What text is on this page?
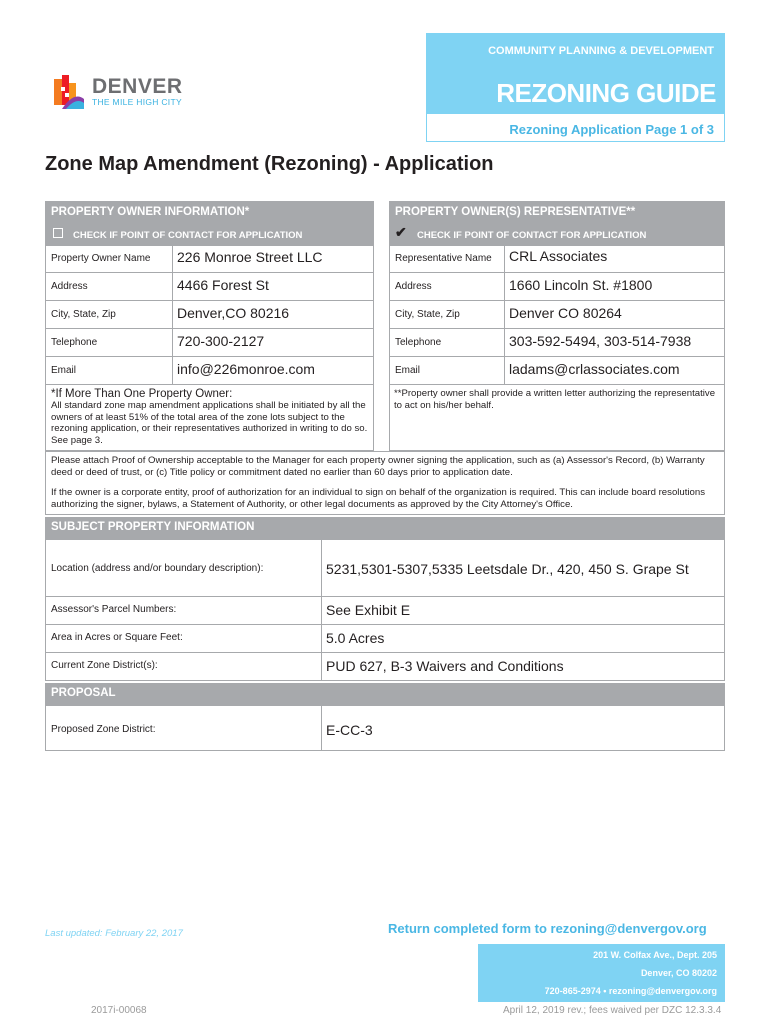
COMMUNITY PLANNING & DEVELOPMENT
REZONING GUIDE
Rezoning Application Page 1 of 3
DENVER
THE MILE HIGH CITY
Zone Map Amendment (Rezoning) - Application
PROPERTY OWNER INFORMATION*
CHECK IF POINT OF CONTACT FOR APPLICATION
PROPERTY OWNER(S) REPRESENTATIVE**
✔ CHECK IF POINT OF CONTACT FOR APPLICATION
Property Owner Name 226 Monroe Street LLC
Address	4466 Forest St
City, State, Zip	Denver,CO 80216
Telephone	720-300-2127
Email	info@226monroe.com
*If More Than One Property Owner:
All standard zone map amendment applications shall be initiated by all the owners of at least 51% of the total area of the zone lots subject to the rezoning application, or their representatives authorized in writing to do so. See page 3.
Representative Name CRL Associates
Address	1660 Lincoln St. #1800
City, State, Zip	Denver CO 80264
Telephone	303-592-5494, 303-514-7938
Email	ladams@crlassociates.com
**Property owner shall provide a written letter authorizing the representative to act on his/her behalf.
Please attach Proof of Ownership acceptable to the Manager for each property owner signing the application, such as (a) Assessor's Record, (b) Warranty deed or deed of trust, or (c) Title policy or commitment dated no earlier than 60 days prior to application date.
If the owner is a corporate entity, proof of authorization for an individual to sign on behalf of the organization is required. This can include board resolutions authorizing the signer, bylaws, a Statement of Authority, or other legal documents as approved by the City Attorney's Office.
SUBJECT PROPERTY INFORMATION
Location (address and/or boundary description):	5231,5301-5307,5335 Leetsdale Dr., 420, 450 S. Grape St
Assessor's Parcel Numbers:	See Exhibit E
Area in Acres or Square Feet:	5.0 Acres
Current Zone District(s):	PUD 627, B-3 Waivers and Conditions
PROPOSAL
Proposed Zone District:	E-CC-3
Last updated: February 22, 2017	Return completed form to rezoning@denvergov.org
201 W. Colfax Ave., Dept. 205
Denver, CO 80202
720-865-2974 • rezoning@denvergov.org
2017i-00068	April 12, 2019 rev.; fees waived per DZC 12.3.3.4
